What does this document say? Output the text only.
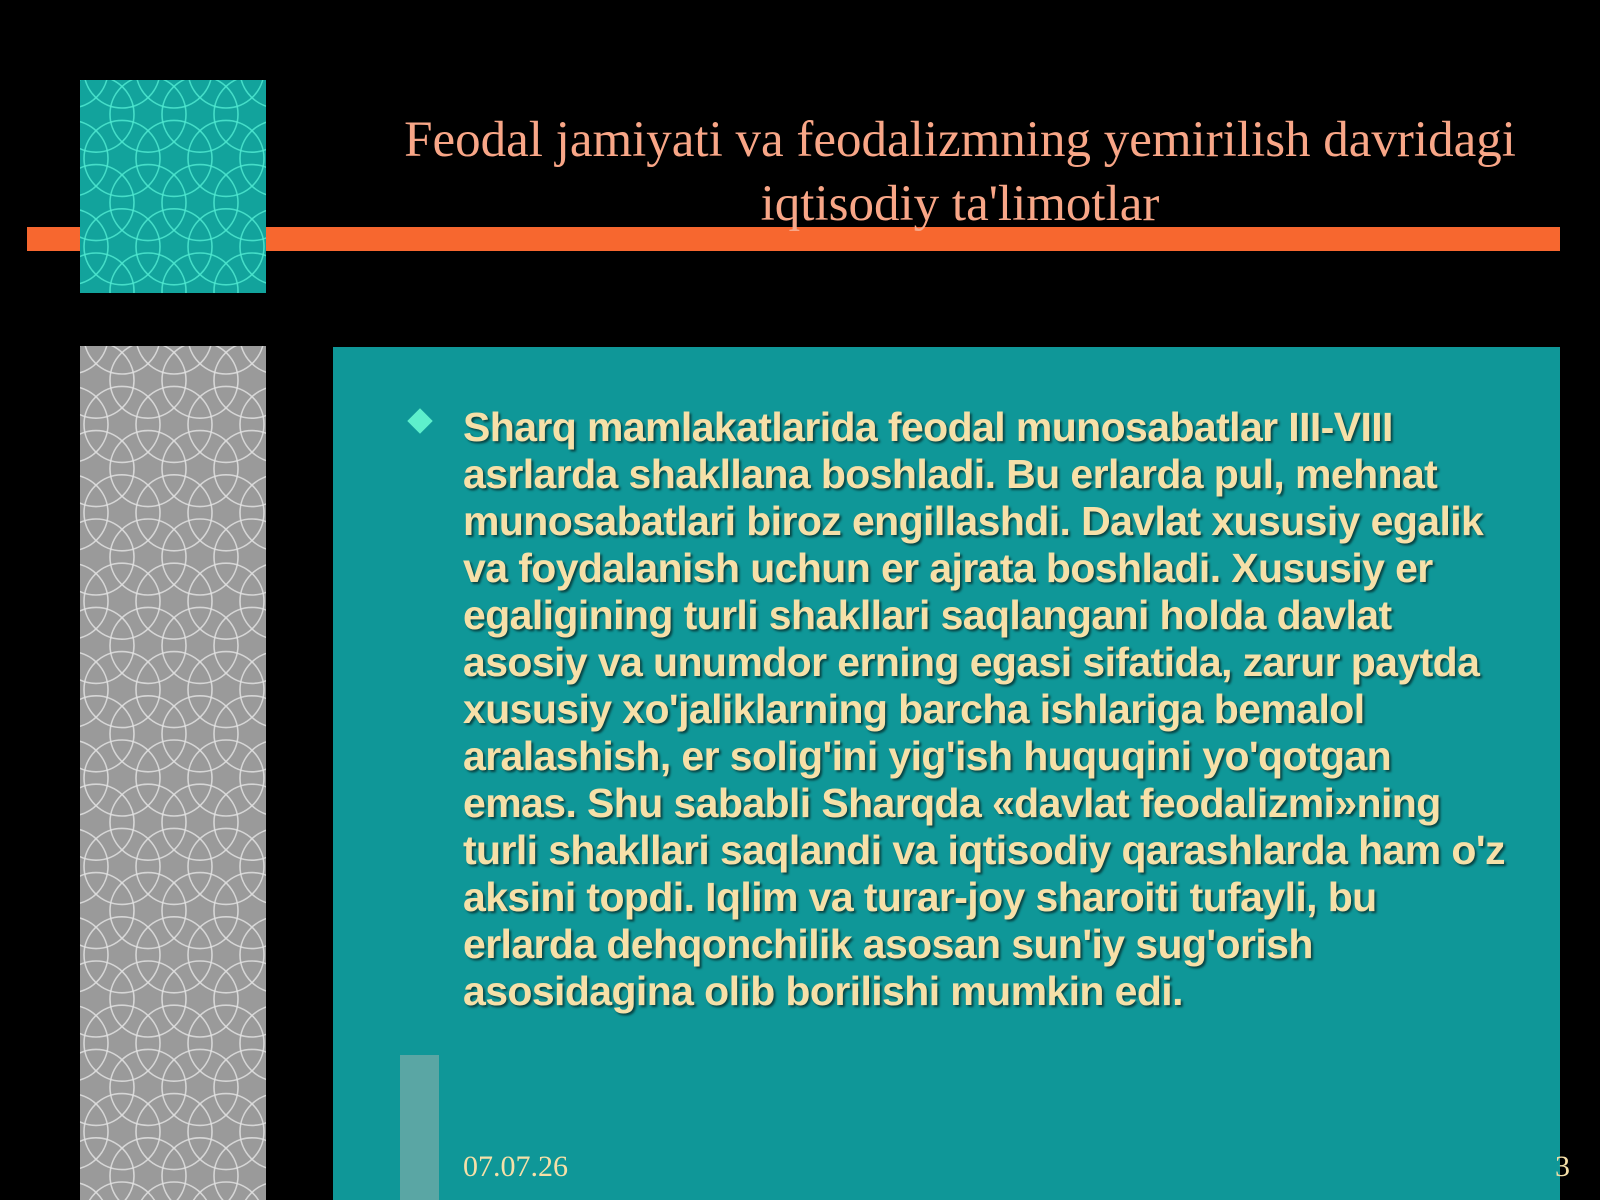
Feodal jamiyati va feodalizmning yemirilish davridagi iqtisodiy ta'limotlar

Sharq mamlakatlarida feodal munosabatlar III-VIII asrlarda shakllana boshladi. Bu erlarda pul, mehnat munosabatlari biroz engillashdi. Davlat xususiy egalik va foydalanish uchun er ajrata boshladi. Xususiy er egaligining turli shakllari saqlangani holda davlat asosiy va unumdor erning egasi sifatida, zarur paytda xususiy xo'jaliklarning barcha ishlariga bemalol aralashish, er solig'ini yig'ish huquqini yo'qotgan emas. Shu sababli Sharqda «davlat feodalizmi»ning turli shakllari saqlandi va iqtisodiy qarashlarda ham o'z aksini topdi. Iqlim va turar-joy sharoiti tufayli, bu erlarda dehqonchilik asosan sun'iy sug'orish asosidagina olib borilishi mumkin edi.

07.07.26	3
